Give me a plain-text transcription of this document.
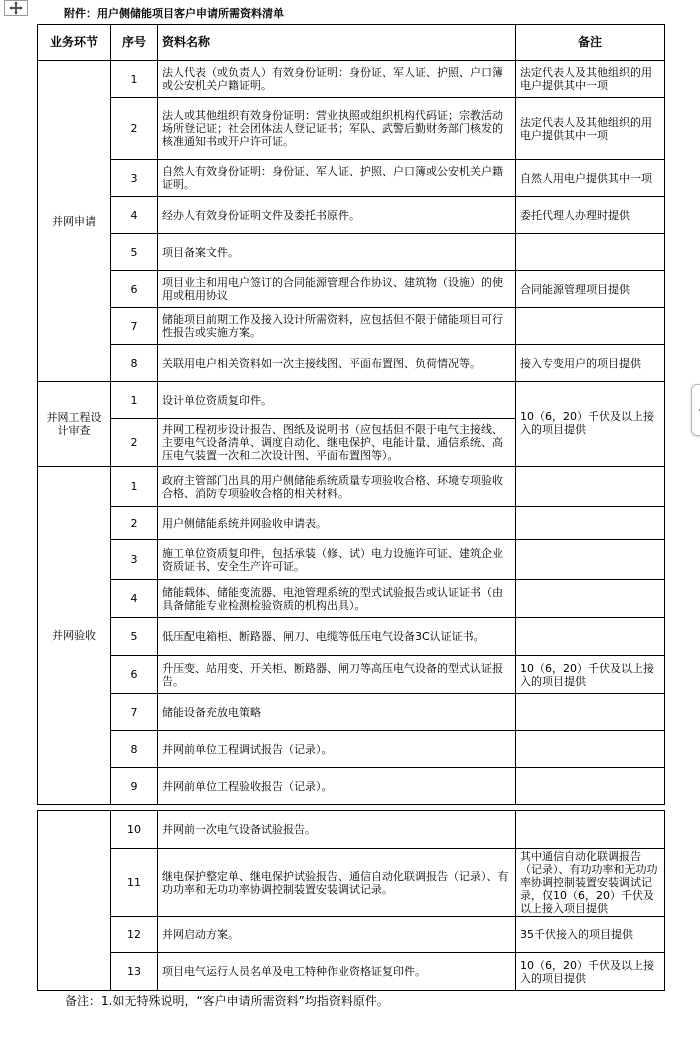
附件：用户侧储能项目客户申请所需资料清单
业务环节	序号	资料名称	备注
并网申请	1	法人代表（或负责人）有效身份证明：身份证、军人证、护照、户口簿或公安机关户籍证明。	法定代表人及其他组织的用电户提供其中一项
	2	法人或其他组织有效身份证明：营业执照或组织机构代码证；宗教活动场所登记证；社会团体法人登记证书；军队、武警后勤财务部门核发的核准通知书或开户许可证。	法定代表人及其他组织的用电户提供其中一项
	3	自然人有效身份证明：身份证、军人证、护照、户口簿或公安机关户籍证明。	自然人用电户提供其中一项
	4	经办人有效身份证明文件及委托书原件。	委托代理人办理时提供
	5	项目备案文件。	
	6	项目业主和用电户签订的合同能源管理合作协议、建筑物（设施）的使用或租用协议	合同能源管理项目提供
	7	储能项目前期工作及接入设计所需资料，应包括但不限于储能项目可行性报告或实施方案。	
	8	关联用电户相关资料如一次主接线图、平面布置图、负荷情况等。	接入专变用户的项目提供
并网工程设计审查	1	设计单位资质复印件。	10（6，20）千伏及以上接入的项目提供
	2	并网工程初步设计报告、图纸及说明书（应包括但不限于电气主接线、主要电气设备清单、调度自动化、继电保护、电能计量、通信系统、高压电气装置一次和二次设计图、平面布置图等）。	
并网验收	1	政府主管部门出具的用户侧储能系统质量专项验收合格、环境专项验收合格、消防专项验收合格的相关材料。	
	2	用户侧储能系统并网验收申请表。	
	3	施工单位资质复印件，包括承装（修、试）电力设施许可证、建筑企业资质证书、安全生产许可证。	
	4	储能载体、储能变流器、电池管理系统的型式试验报告或认证证书（由具备储能专业检测检验资质的机构出具）。	
	5	低压配电箱柜、断路器、闸刀、电缆等低压电气设备3C认证证书。	
	6	升压变、站用变、开关柜、断路器、闸刀等高压电气设备的型式认证报告。	10（6，20）千伏及以上接入的项目提供
	7	储能设备充放电策略	
	8	并网前单位工程调试报告（记录）。	
	9	并网前单位工程验收报告（记录）。	
	10	并网前一次电气设备试验报告。	
	11	继电保护整定单、继电保护试验报告、通信自动化联调报告（记录）、有功功率和无功功率协调控制装置安装调试记录。	其中通信自动化联调报告（记录）、有功功率和无功功率协调控制装置安装调试记录，仅10（6，20）千伏及以上接入项目提供
	12	并网启动方案。	35千伏接入的项目提供
	13	项目电气运行人员名单及电工特种作业资格证复印件。	10（6，20）千伏及以上接入的项目提供
备注：1.如无特殊说明，“客户申请所需资料”均指资料原件。
